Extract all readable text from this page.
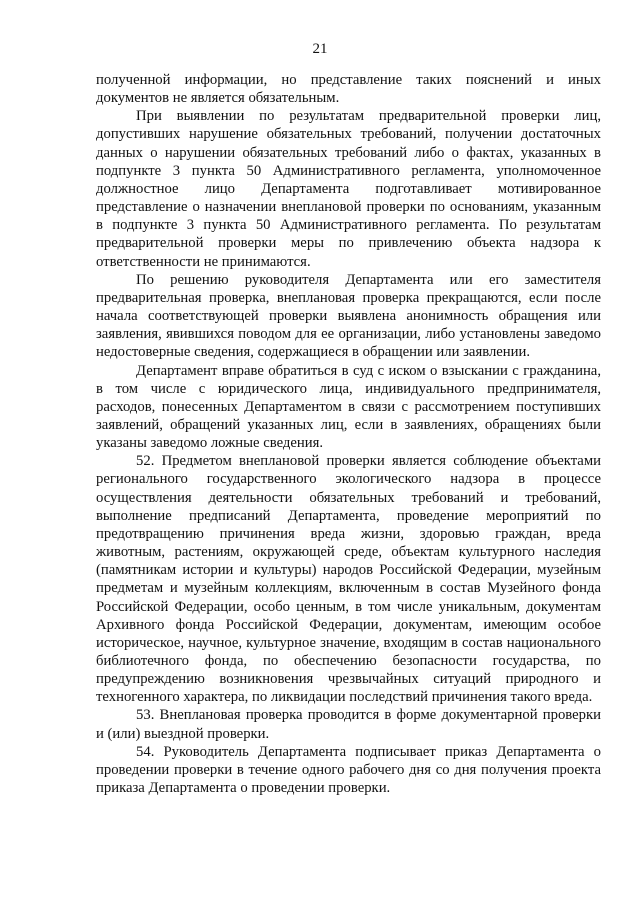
21

полученной информации, но представление таких пояснений и иных документов не является обязательным.

При выявлении по результатам предварительной проверки лиц, допустивших нарушение обязательных требований, получении достаточных данных о нарушении обязательных требований либо о фактах, указанных в подпункте 3 пункта 50 Административного регламента, уполномоченное должностное лицо Департамента подготавливает мотивированное представление о назначении внеплановой проверки по основаниям, указанным в подпункте 3 пункта 50 Административного регламента. По результатам предварительной проверки меры по привлечению объекта надзора к ответственности не принимаются.

По решению руководителя Департамента или его заместителя предварительная проверка, внеплановая проверка прекращаются, если после начала соответствующей проверки выявлена анонимность обращения или заявления, явившихся поводом для ее организации, либо установлены заведомо недостоверные сведения, содержащиеся в обращении или заявлении.

Департамент вправе обратиться в суд с иском о взыскании с гражданина, в том числе с юридического лица, индивидуального предпринимателя, расходов, понесенных Департаментом в связи с рассмотрением поступивших заявлений, обращений указанных лиц, если в заявлениях, обращениях были указаны заведомо ложные сведения.

52. Предметом внеплановой проверки является соблюдение объектами регионального государственного экологического надзора в процессе осуществления деятельности обязательных требований и требований, выполнение предписаний Департамента, проведение мероприятий по предотвращению причинения вреда жизни, здоровью граждан, вреда животным, растениям, окружающей среде, объектам культурного наследия (памятникам истории и культуры) народов Российской Федерации, музейным предметам и музейным коллекциям, включенным в состав Музейного фонда Российской Федерации, особо ценным, в том числе уникальным, документам Архивного фонда Российской Федерации, документам, имеющим особое историческое, научное, культурное значение, входящим в состав национального библиотечного фонда, по обеспечению безопасности государства, по предупреждению возникновения чрезвычайных ситуаций природного и техногенного характера, по ликвидации последствий причинения такого вреда.

53. Внеплановая проверка проводится в форме документарной проверки и (или) выездной проверки.

54. Руководитель Департамента подписывает приказ Департамента о проведении проверки в течение одного рабочего дня со дня получения проекта приказа Департамента о проведении проверки.
